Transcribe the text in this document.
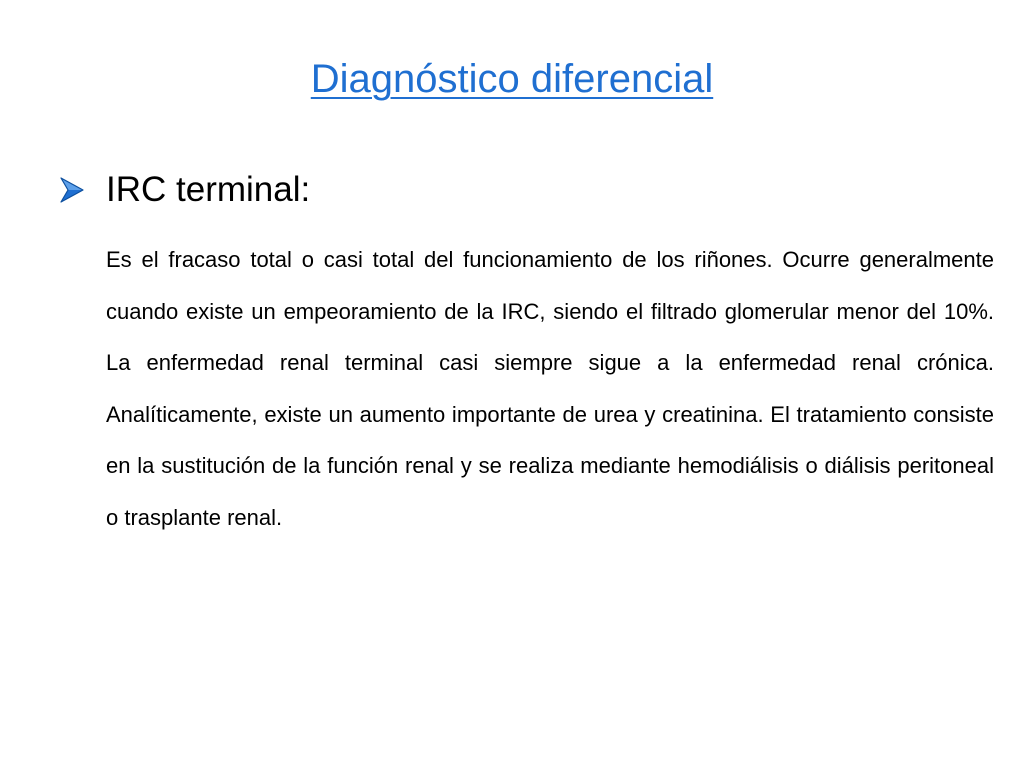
Diagnóstico diferencial
IRC terminal:

Es el fracaso total o casi total del funcionamiento de los riñones. Ocurre generalmente cuando existe un empeoramiento de la IRC, siendo el filtrado glomerular menor del 10%. La enfermedad renal terminal casi siempre sigue a la enfermedad renal crónica. Analíticamente, existe un aumento importante de urea y creatinina. El tratamiento consiste en la sustitución de la función renal y se realiza mediante hemodiálisis o diálisis peritoneal o trasplante renal.
